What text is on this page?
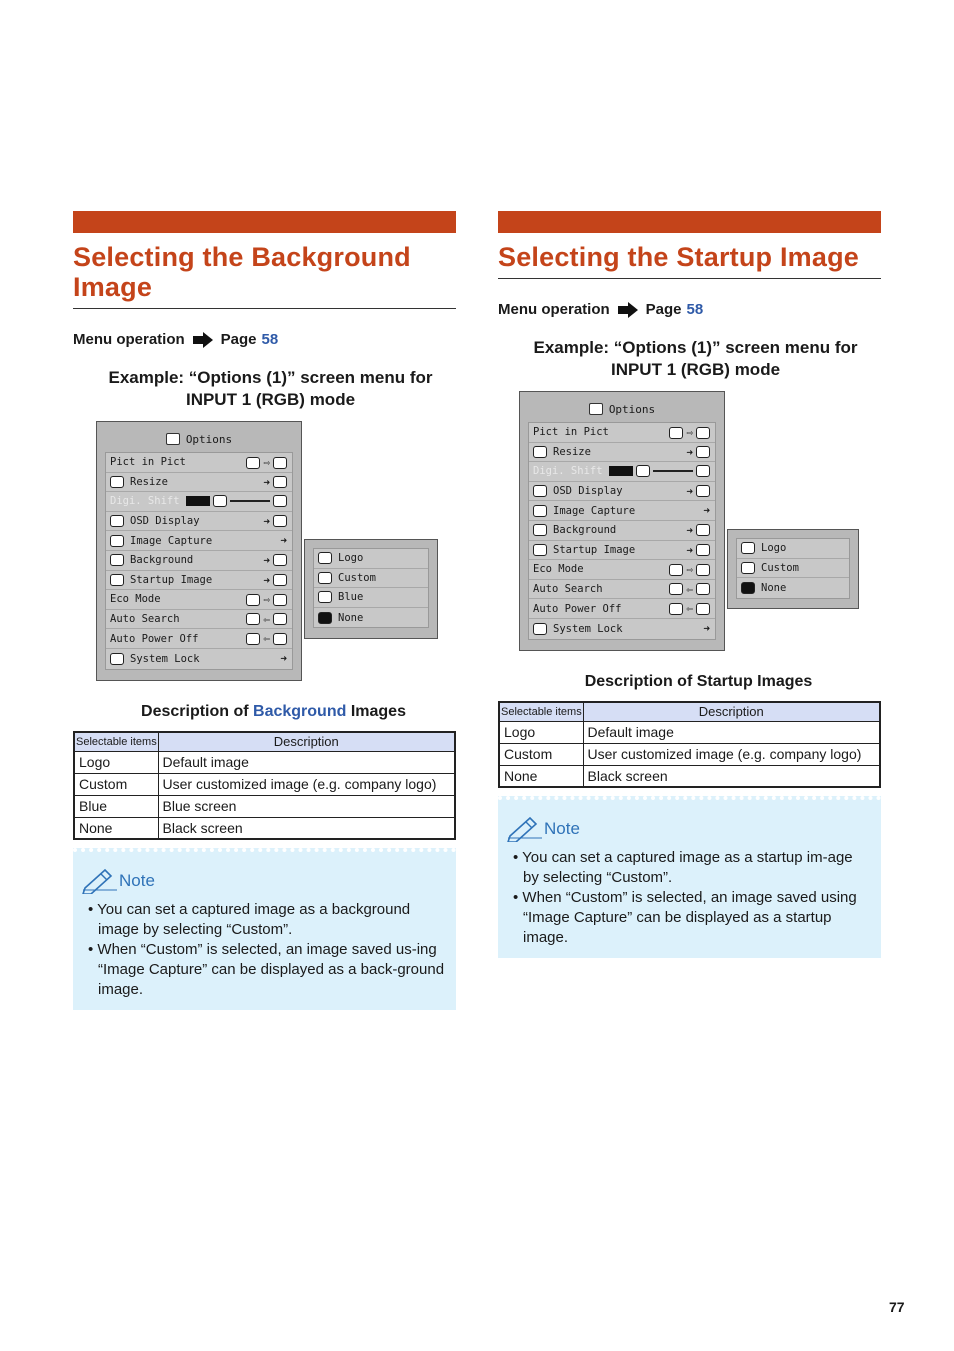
Selecting the Background Image
Menu operation Page 58
Example: “Options (1)” screen menu for INPUT 1 (RGB) mode
Options
Pict in Pict	⇨
Resize	➜
Digi. Shift
OSD Display	➜
Image Capture	➜
Background	➜
Startup Image	➜
Eco Mode	⇨
Auto Search	⇦
Auto Power Off	⇦
System Lock	➜
Logo
Custom
Blue
None
Description of Background Images
Selectable items	Description
Logo	Default image
Custom	User customized image (e.g. company logo)
Blue	Blue screen
None	Black screen
Note
• You can set a captured image as a background image by selecting “Custom”.
• When “Custom” is selected, an image saved us-ing “Image Capture” can be displayed as a back-ground image.
Selecting the Startup Image
Menu operation Page 58
Example: “Options (1)” screen menu for INPUT 1 (RGB) mode
Options
Pict in Pict	⇨
Resize	➜
Digi. Shift
OSD Display	➜
Image Capture	➜
Background	➜
Startup Image	➜
Eco Mode	⇨
Auto Search	⇦
Auto Power Off	⇦
System Lock	➜
Logo
Custom
None
Description of Startup Images
Selectable items	Description
Logo	Default image
Custom	User customized image (e.g. company logo)
None	Black screen
Note
• You can set a captured image as a startup im-age by selecting “Custom”.
• When “Custom” is selected, an image saved using “Image Capture” can be displayed as a startup image.
77
